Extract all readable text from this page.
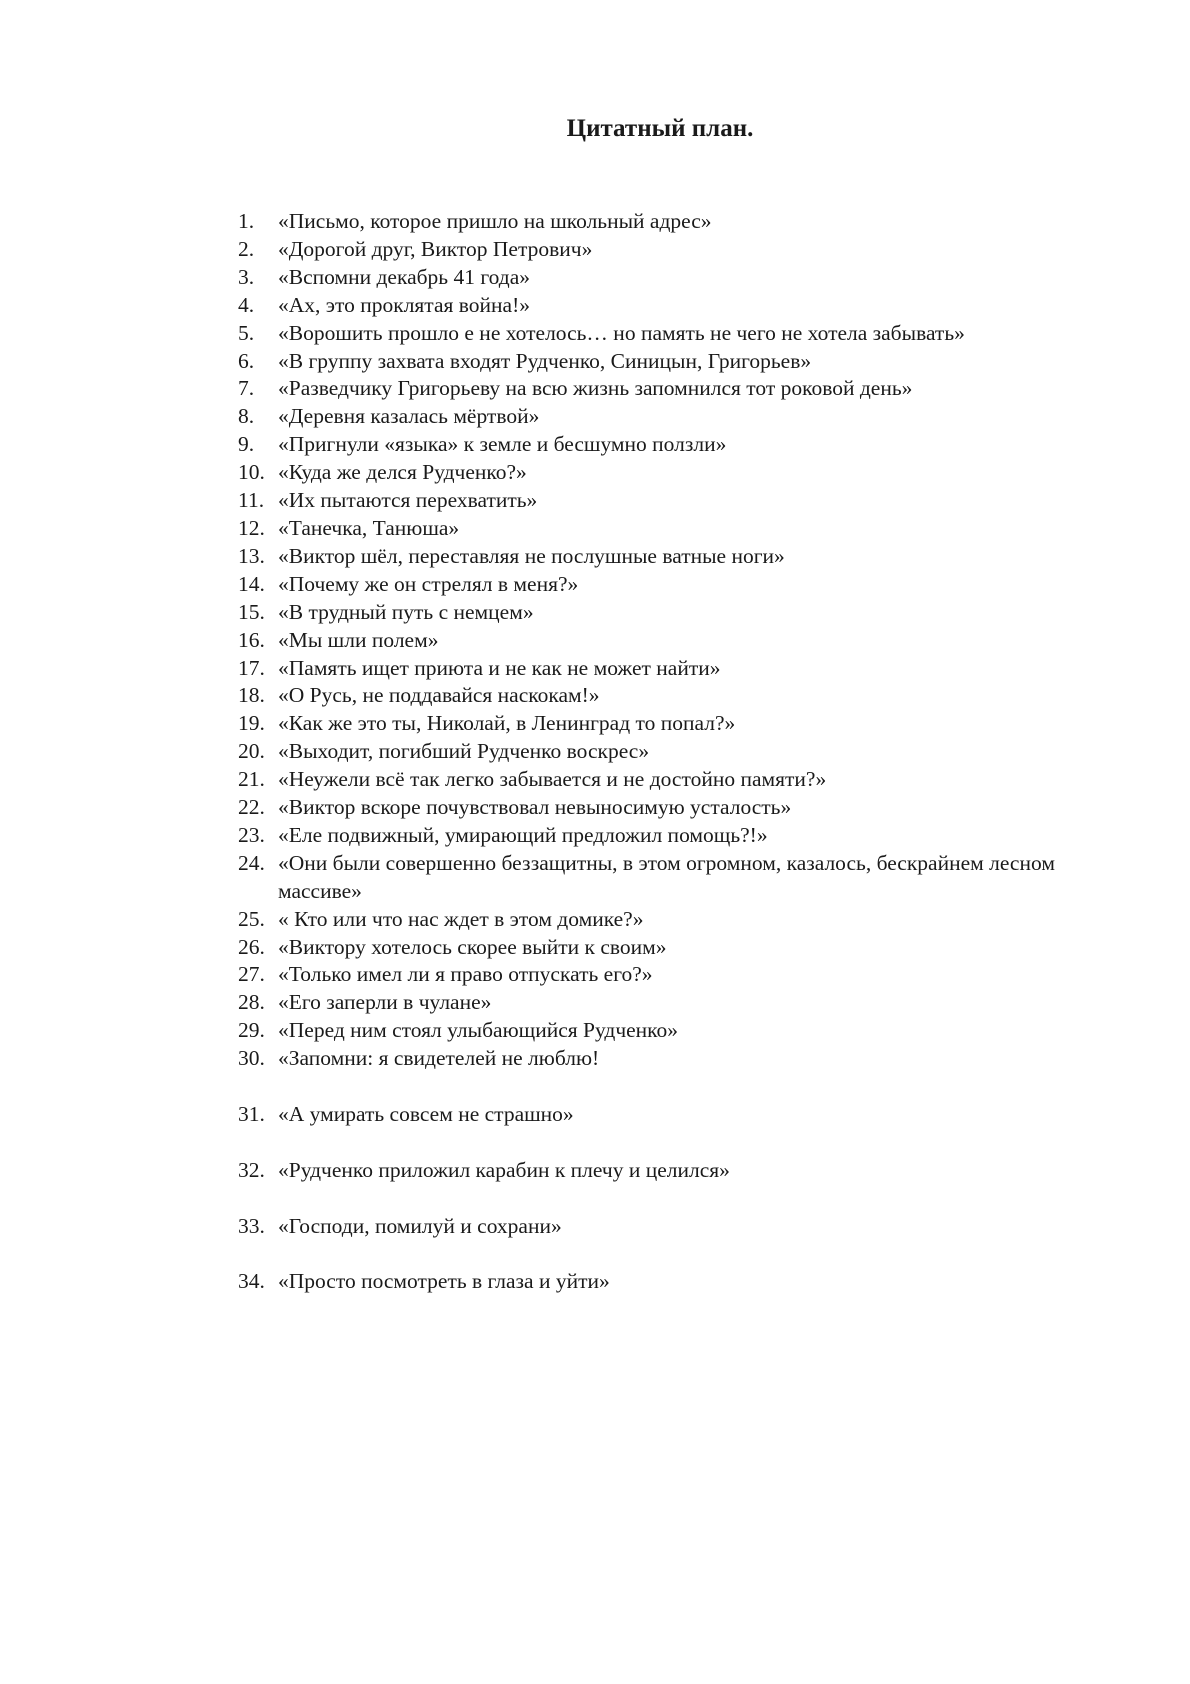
Цитатный план.
1.	«Письмо, которое пришло на школьный адрес»
2.	«Дорогой друг, Виктор Петрович»
3.	«Вспомни декабрь 41 года»
4.	«Ах, это проклятая война!»
5.	«Ворошить прошло е не хотелось… но память не чего не хотела забывать»
6.	«В группу захвата входят Рудченко, Синицын, Григорьев»
7.	«Разведчику Григорьеву на всю жизнь запомнился тот роковой день»
8.	«Деревня казалась мёртвой»
9.	«Пригнули «языка» к земле и бесшумно ползли»
10. «Куда же делся Рудченко?»
11. «Их пытаются перехватить»
12. «Танечка, Танюша»
13. «Виктор шёл, переставляя не послушные ватные ноги»
14. «Почему же он стрелял в меня?»
15. «В трудный путь с немцем»
16. «Мы шли полем»
17. «Память ищет приюта и не как не может найти»
18. «О Русь, не поддавайся наскокам!»
19. «Как же это ты, Николай, в Ленинград то попал?»
20. «Выходит, погибший Рудченко воскрес»
21. «Неужели всё так легко забывается и не достойно памяти?»
22. «Виктор вскоре почувствовал невыносимую усталость»
23. «Еле подвижный, умирающий предложил помощь?!»
24. «Они были совершенно беззащитны, в этом огромном, казалось, бескрайнем лесном массиве»
25. « Кто или что нас ждет в этом домике?»
26. «Виктору хотелось скорее выйти к своим»
27. «Только имел ли я право отпускать его?»
28. «Его заперли в чулане»
29. «Перед ним стоял улыбающийся Рудченко»
30. «Запомни: я свидетелей не люблю!
31. «А умирать совсем не страшно»
32. «Рудченко приложил карабин к плечу и целился»
33. «Господи, помилуй и сохрани»
34. «Просто посмотреть в глаза и уйти»
